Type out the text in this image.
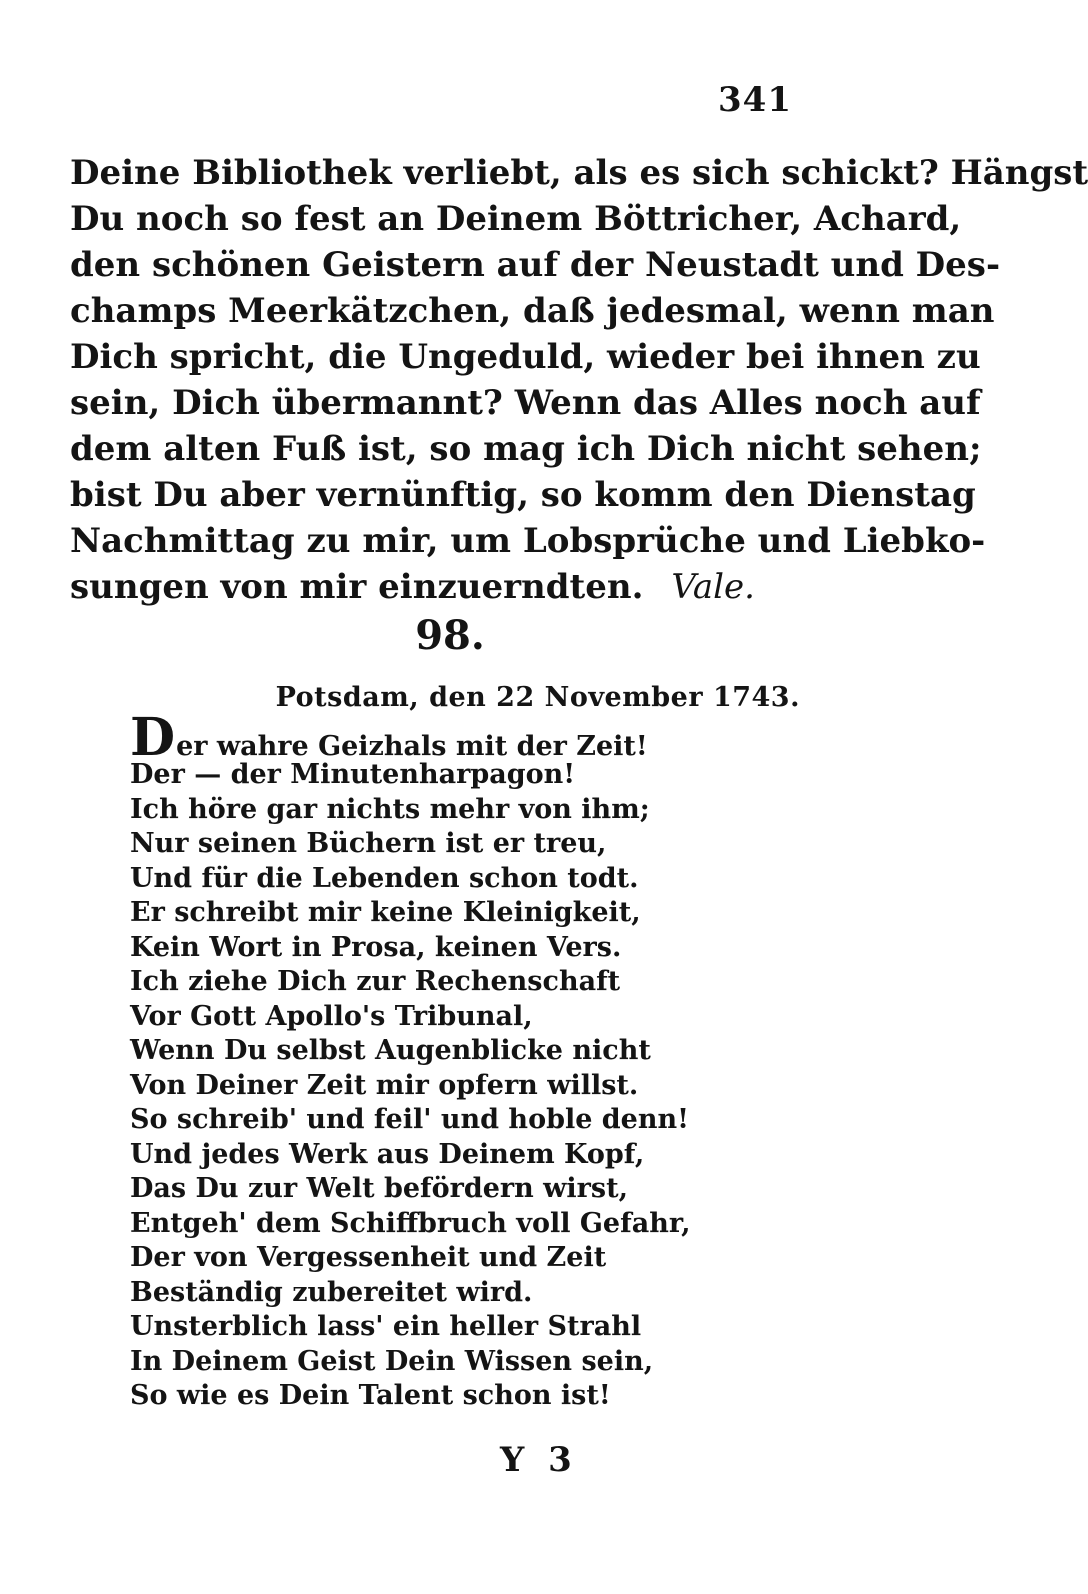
341
Deine Bibliothek verliebt, als es sich schickt? Hängst
Du noch so fest an Deinem Böttricher, Achard,
den schönen Geistern auf der Neustadt und Des-
champs Meerkätzchen, daß jedesmal, wenn man
Dich spricht, die Ungeduld, wieder bei ihnen zu
sein, Dich übermannt? Wenn das Alles noch auf
dem alten Fuß ist, so mag ich Dich nicht sehen;
bist Du aber vernünftig, so komm den Dienstag
Nachmittag zu mir, um Lobsprüche und Liebko-
sungen von mir einzuerndten. Vale.
98.
Potsdam, den 22 November 1743.
Der wahre Geizhals mit der Zeit!
Der — der Minutenharpagon!
Ich höre gar nichts mehr von ihm;
Nur seinen Büchern ist er treu,
Und für die Lebenden schon todt.
Er schreibt mir keine Kleinigkeit,
Kein Wort in Prosa, keinen Vers.
Ich ziehe Dich zur Rechenschaft
Vor Gott Apollo's Tribunal,
Wenn Du selbst Augenblicke nicht
Von Deiner Zeit mir opfern willst.
So schreib' und feil' und hoble denn!
Und jedes Werk aus Deinem Kopf,
Das Du zur Welt befördern wirst,
Entgeh' dem Schiffbruch voll Gefahr,
Der von Vergessenheit und Zeit
Beständig zubereitet wird.
Unsterblich lass' ein heller Strahl
In Deinem Geist Dein Wissen sein,
So wie es Dein Talent schon ist!
Y 3
